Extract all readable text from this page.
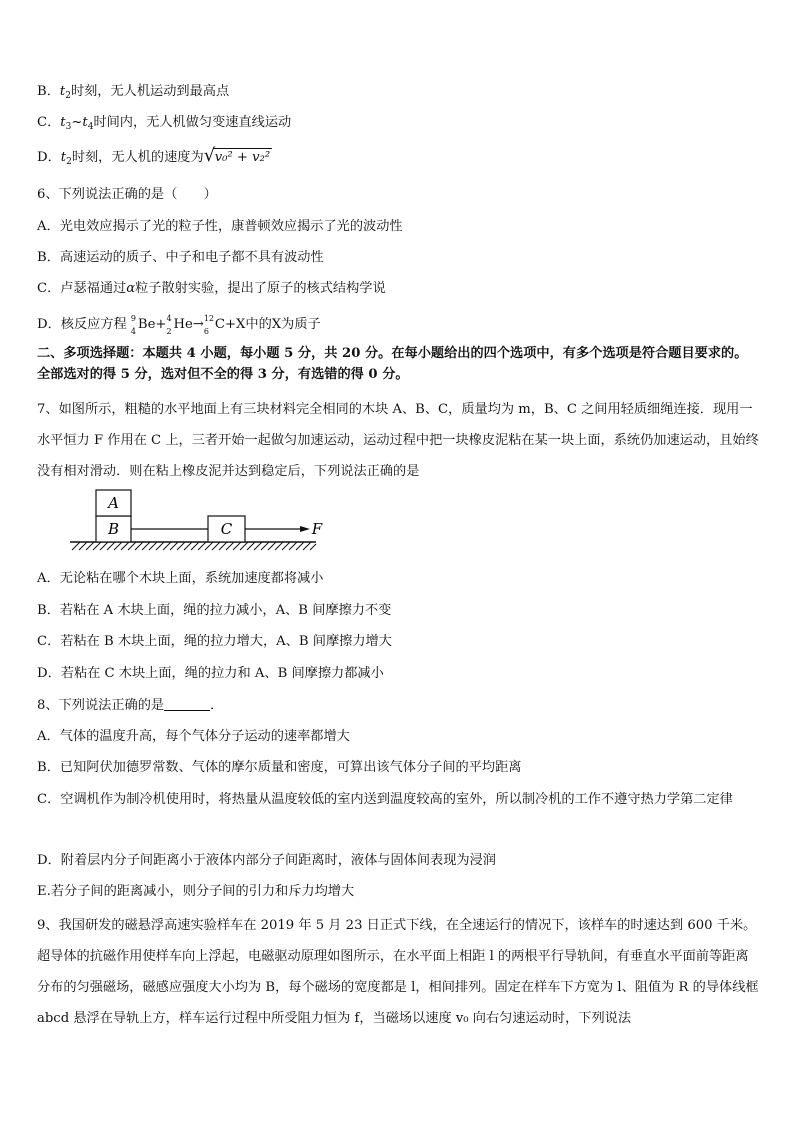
B．$t_2$时刻，无人机运动到最高点
C．$t_3\sim t_4$时间内，无人机做匀变速直线运动
D．$t_2$时刻，无人机的速度为 √ v₀² + v₂²
6、下列说法正确的是（　　）
A．光电效应揭示了光的粒子性，康普顿效应揭示了光的波动性
B．高速运动的质子、中子和电子都不具有波动性
C．卢瑟福通过α粒子散射实验，提出了原子的核式结构学说
D．核反应方程 9
4 Be+ 4
2 He→ 12
6 C+X中的X为质子
二、多项选择题：本题共 4 小题，每小题 5 分，共 20 分。在每小题给出的四个选项中，有多个选项是符合题目要求的。全部选对的得 5 分，选对但不全的得 3 分，有选错的得 0 分。
7、如图所示，粗糙的水平地面上有三块材料完全相同的木块 A、B、C，质量均为 m，B、C 之间用轻质细绳连接．现用一水平恒力 F 作用在 C 上，三者开始一起做匀加速运动，运动过程中把一块橡皮泥粘在某一块上面，系统仍加速运动，且始终没有相对滑动．则在粘上橡皮泥并达到稳定后，下列说法正确的是
A
B	C	F
A．无论粘在哪个木块上面，系统加速度都将减小
B．若粘在 A 木块上面，绳的拉力减小，A、B 间摩擦力不变
C．若粘在 B 木块上面，绳的拉力增大，A、B 间摩擦力增大
D．若粘在 C 木块上面，绳的拉力和 A、B 间摩擦力都减小
8、下列说法正确的是	．
A．气体的温度升高，每个气体分子运动的速率都增大
B．已知阿伏加德罗常数、气体的摩尔质量和密度，可算出该气体分子间的平均距离
C．空调机作为制冷机使用时，将热量从温度较低的室内送到温度较高的室外，所以制冷机的工作不遵守热力学第二定律
D．附着层内分子间距离小于液体内部分子间距离时，液体与固体间表现为浸润
E.若分子间的距离减小，则分子间的引力和斥力均增大
9、我国研发的磁悬浮高速实验样车在 2019 年 5 月 23 日正式下线，在全速运行的情况下，该样车的时速达到 600 千米。超导体的抗磁作用使样车向上浮起，电磁驱动原理如图所示，在水平面上相距 l 的两根平行导轨间，有垂直水平面前等距离分布的匀强磁场，磁感应强度大小均为 B，每个磁场的宽度都是 l，相间排列。固定在样车下方宽为 l、阻值为 R 的导体线框 abcd 悬浮在导轨上方，样车运行过程中所受阻力恒为 f，当磁场以速度 v₀ 向右匀速运动时，下列说法
